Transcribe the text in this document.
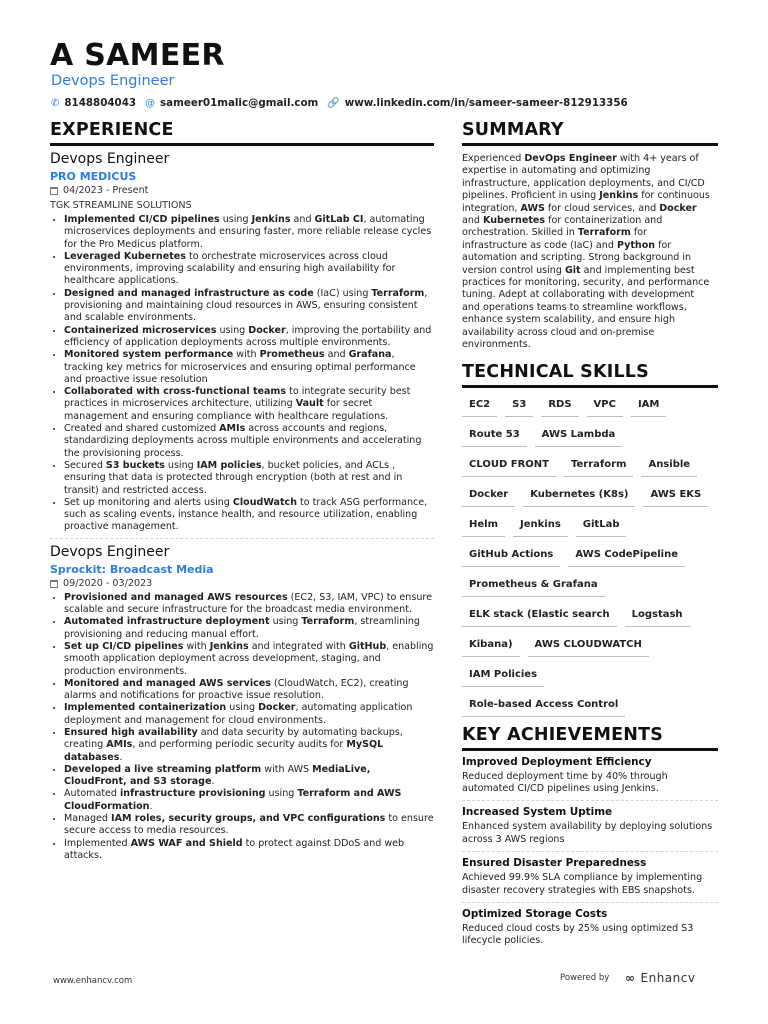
A SAMEER
Devops Engineer
✆ 8148804043 @ sameer01malic@gmail.com 🔗 www.linkedin.com/in/sameer-sameer-812913356
EXPERIENCE
Devops Engineer
PRO MEDICUS
04/2023 - Present
TGK STREAMLINE SOLUTIONS
• Implemented CI/CD pipelines using Jenkins and GitLab CI, automating microservices deployments and ensuring faster, more reliable release cycles for the Pro Medicus platform.
• Leveraged Kubernetes to orchestrate microservices across cloud environments, improving scalability and ensuring high availability for healthcare applications.
• Designed and managed infrastructure as code (IaC) using Terraform, provisioning and maintaining cloud resources in AWS, ensuring consistent and scalable environments.
• Containerized microservices using Docker, improving the portability and efficiency of application deployments across multiple environments.
• Monitored system performance with Prometheus and Grafana, tracking key metrics for microservices and ensuring optimal performance and proactive issue resolution
• Collaborated with cross-functional teams to integrate security best practices in microservices architecture, utilizing Vault for secret management and ensuring compliance with healthcare regulations.
• Created and shared customized AMIs across accounts and regions, standardizing deployments across multiple environments and accelerating the provisioning process.
• Secured S3 buckets using IAM policies, bucket policies, and ACLs , ensuring that data is protected through encryption (both at rest and in transit) and restricted access.
• Set up monitoring and alerts using CloudWatch to track ASG performance, such as scaling events, instance health, and resource utilization, enabling proactive management.
Devops Engineer
Sprockit: Broadcast Media
09/2020 - 03/2023
• Provisioned and managed AWS resources (EC2, S3, IAM, VPC) to ensure scalable and secure infrastructure for the broadcast media environment.
• Automated infrastructure deployment using Terraform, streamlining provisioning and reducing manual effort.
• Set up CI/CD pipelines with Jenkins and integrated with GitHub, enabling smooth application deployment across development, staging, and production environments.
• Monitored and managed AWS services (CloudWatch, EC2), creating alarms and notifications for proactive issue resolution.
• Implemented containerization using Docker, automating application deployment and management for cloud environments.
• Ensured high availability and data security by automating backups, creating AMIs, and performing periodic security audits for MySQL databases.
• Developed a live streaming platform with AWS MediaLive, CloudFront, and S3 storage.
• Automated infrastructure provisioning using Terraform and AWS CloudFormation.
• Managed IAM roles, security groups, and VPC configurations to ensure secure access to media resources.
• Implemented AWS WAF and Shield to protect against DDoS and web attacks.
SUMMARY
Experienced DevOps Engineer with 4+ years of expertise in automating and optimizing infrastructure, application deployments, and CI/CD pipelines. Proficient in using Jenkins for continuous integration, AWS for cloud services, and Docker and Kubernetes for containerization and orchestration. Skilled in Terraform for infrastructure as code (IaC) and Python for automation and scripting. Strong background in version control using Git and implementing best practices for monitoring, security, and performance tuning. Adept at collaborating with development and operations teams to streamline workflows, enhance system scalability, and ensure high availability across cloud and on-premise environments.
TECHNICAL SKILLS
EC2	S3	RDS	VPC	IAM
Route 53	AWS Lambda
CLOUD FRONT	Terraform	Ansible
Docker	Kubernetes (K8s)	AWS EKS
Helm	Jenkins	GitLab
GitHub Actions	AWS CodePipeline
Prometheus & Grafana
ELK stack (Elastic search	Logstash
Kibana)	AWS CLOUDWATCH
IAM Policies
Role-based Access Control
KEY ACHIEVEMENTS
Improved Deployment Efficiency
Reduced deployment time by 40% through automated CI/CD pipelines using Jenkins.
Increased System Uptime
Enhanced system availability by deploying solutions across 3 AWS regions
Ensured Disaster Preparedness
Achieved 99.9% SLA compliance by implementing disaster recovery strategies with EBS snapshots.
Optimized Storage Costs
Reduced cloud costs by 25% using optimized S3 lifecycle policies.
www.enhancv.com	Powered by ∞ Enhancv
